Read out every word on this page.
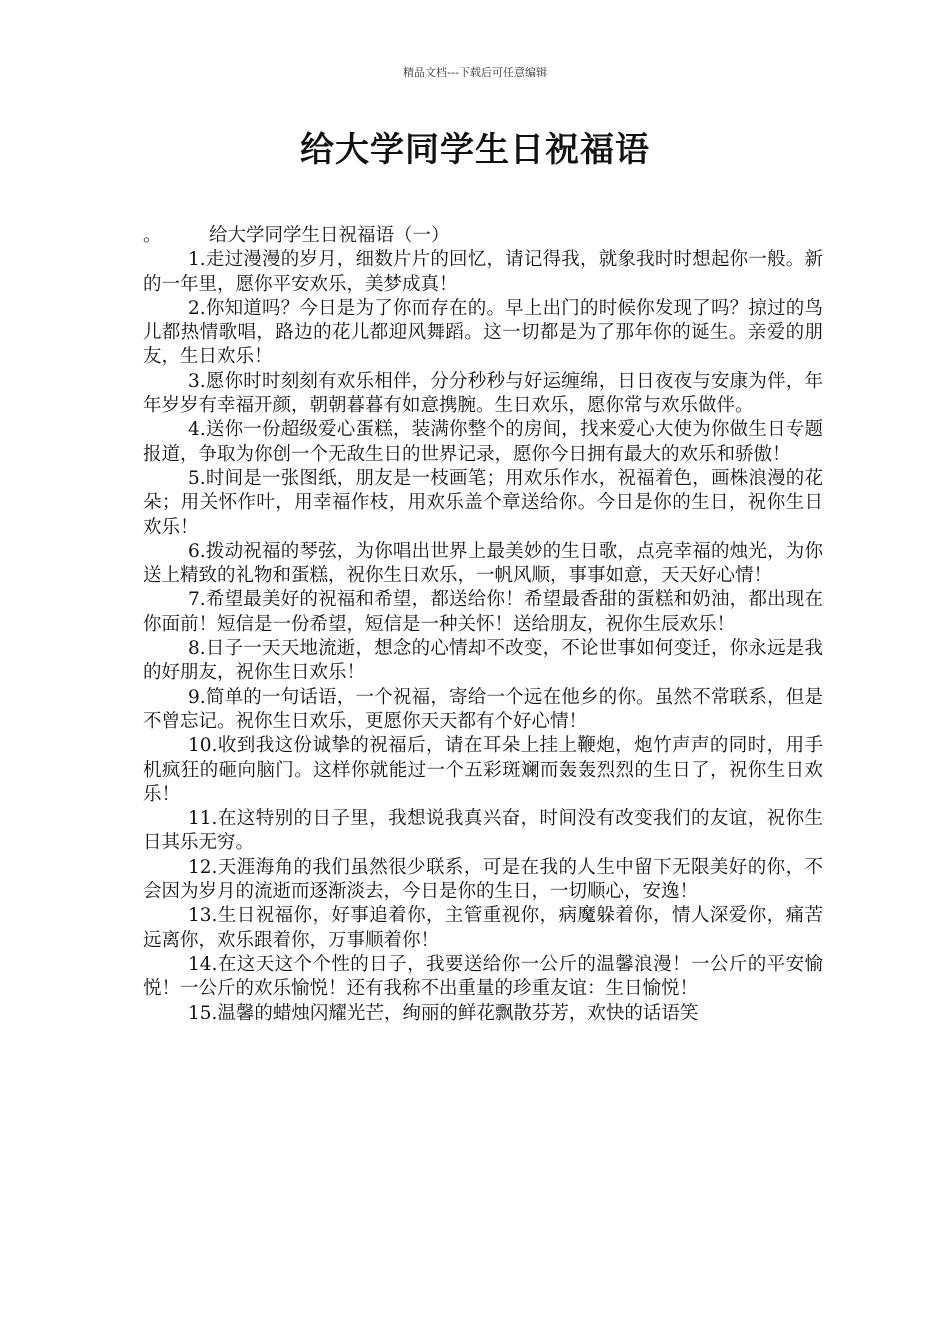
精品文档---下载后可任意编辑
给大学同学生日祝福语

。	给大学同学生日祝福语（一）

1.走过漫漫的岁月，细数片片的回忆，请记得我，就象我时时想起你一般。新的一年里，愿你平安欢乐，美梦成真！

2.你知道吗？今日是为了你而存在的。早上出门的时候你发现了吗？掠过的鸟儿都热情歌唱，路边的花儿都迎风舞蹈。这一切都是为了那年你的诞生。亲爱的朋友，生日欢乐！

3.愿你时时刻刻有欢乐相伴，分分秒秒与好运缠绵，日日夜夜与安康为伴，年年岁岁有幸福开颜，朝朝暮暮有如意携腕。生日欢乐，愿你常与欢乐做伴。

4.送你一份超级爱心蛋糕，装满你整个的房间，找来爱心大使为你做生日专题报道，争取为你创一个无敌生日的世界记录，愿你今日拥有最大的欢乐和骄傲！

5.时间是一张图纸，朋友是一枝画笔；用欢乐作水，祝福着色，画株浪漫的花朵；用关怀作叶，用幸福作枝，用欢乐盖个章送给你。今日是你的生日，祝你生日欢乐！

6.拨动祝福的琴弦，为你唱出世界上最美妙的生日歌，点亮幸福的烛光，为你送上精致的礼物和蛋糕，祝你生日欢乐，一帆风顺，事事如意，天天好心情！

7.希望最美好的祝福和希望，都送给你！希望最香甜的蛋糕和奶油，都出现在你面前！短信是一份希望，短信是一种关怀！送给朋友，祝你生辰欢乐！

8.日子一天天地流逝，想念的心情却不改变，不论世事如何变迁，你永远是我的好朋友，祝你生日欢乐！

9.简单的一句话语，一个祝福，寄给一个远在他乡的你。虽然不常联系，但是不曾忘记。祝你生日欢乐，更愿你天天都有个好心情！

10.收到我这份诚挚的祝福后，请在耳朵上挂上鞭炮，炮竹声声的同时，用手机疯狂的砸向脑门。这样你就能过一个五彩斑斓而轰轰烈烈的生日了，祝你生日欢乐！

11.在这特别的日子里，我想说我真兴奋，时间没有改变我们的友谊，祝你生日其乐无穷。

12.天涯海角的我们虽然很少联系，可是在我的人生中留下无限美好的你，不会因为岁月的流逝而逐渐淡去，今日是你的生日，一切顺心，安逸！

13.生日祝福你，好事追着你，主管重视你，病魔躲着你，情人深爱你，痛苦远离你，欢乐跟着你，万事顺着你！

14.在这天这个个性的日子，我要送给你一公斤的温馨浪漫！一公斤的平安愉悦！一公斤的欢乐愉悦！还有我称不出重量的珍重友谊：生日愉悦！

15.温馨的蜡烛闪耀光芒，绚丽的鲜花飘散芬芳，欢快的话语笑
